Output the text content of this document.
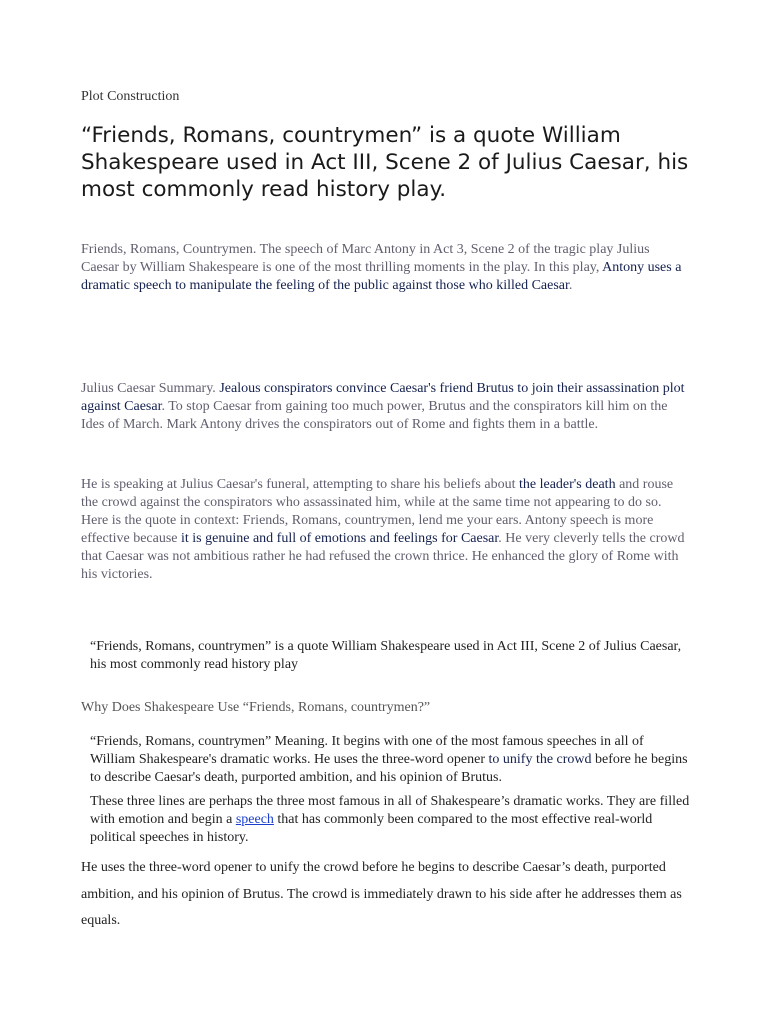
Plot Construction
“Friends, Romans, countrymen” is a quote William Shakespeare used in Act III, Scene 2 of Julius Caesar, his most commonly read history play.
Friends, Romans, Countrymen. The speech of Marc Antony in Act 3, Scene 2 of the tragic play Julius Caesar by William Shakespeare is one of the most thrilling moments in the play. In this play, Antony uses a dramatic speech to manipulate the feeling of the public against those who killed Caesar.
Julius Caesar Summary. Jealous conspirators convince Caesar's friend Brutus to join their assassination plot against Caesar. To stop Caesar from gaining too much power, Brutus and the conspirators kill him on the Ides of March. Mark Antony drives the conspirators out of Rome and fights them in a battle.
He is speaking at Julius Caesar's funeral, attempting to share his beliefs about the leader's death and rouse the crowd against the conspirators who assassinated him, while at the same time not appearing to do so. Here is the quote in context: Friends, Romans, countrymen, lend me your ears. Antony speech is more effective because it is genuine and full of emotions and feelings for Caesar. He very cleverly tells the crowd that Caesar was not ambitious rather he had refused the crown thrice. He enhanced the glory of Rome with his victories.
“Friends, Romans, countrymen” is a quote William Shakespeare used in Act III, Scene 2 of Julius Caesar, his most commonly read history play
Why Does Shakespeare Use “Friends, Romans, countrymen?”
“Friends, Romans, countrymen” Meaning. It begins with one of the most famous speeches in all of William Shakespeare's dramatic works. He uses the three-word opener to unify the crowd before he begins to describe Caesar's death, purported ambition, and his opinion of Brutus.
These three lines are perhaps the three most famous in all of Shakespeare’s dramatic works. They are filled with emotion and begin a speech that has commonly been compared to the most effective real-world political speeches in history.
He uses the three-word opener to unify the crowd before he begins to describe Caesar’s death, purported ambition, and his opinion of Brutus. The crowd is immediately drawn to his side after he addresses them as equals.
